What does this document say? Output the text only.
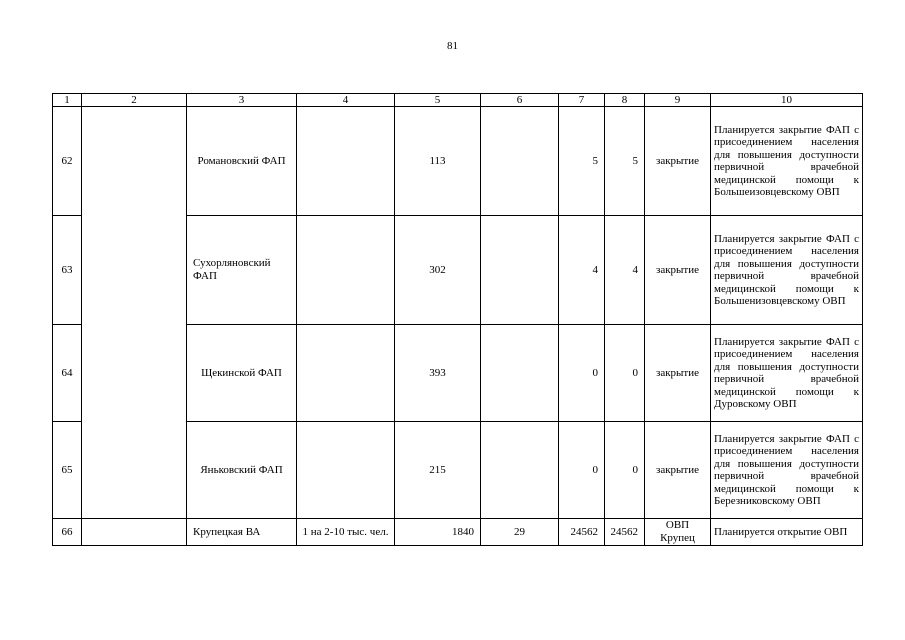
81
1	2	3	4	5	6	7	8	9	10
62		Романовский ФАП		113		5	5	закрытие	Планируется закрытие ФАП с присоединением населения для повышения доступности первичной врачебной медицинской помощи к Большеизовцевскому ОВП
63		Сухорляновский ФАП		302		4	4	закрытие	Планируется закрытие ФАП с присоединением населения для повышения доступности первичной врачебной медицинской помощи к Большенизовцевскому ОВП
64		Щекинской ФАП		393		0	0	закрытие	Планируется закрытие ФАП с присоединением населения для повышения доступности первичной врачебной медицинской помощи к Дуровскому ОВП
65		Яньковский ФАП		215		0	0	закрытие	Планируется закрытие ФАП с присоединением населения для повышения доступности первичной врачебной медицинской помощи к Березниковскому ОВП
66		Крупецкая ВА	1 на 2-10 тыс. чел.	1840	29	24562	24562	ОВП Крупец	Планируется открытие ОВП
